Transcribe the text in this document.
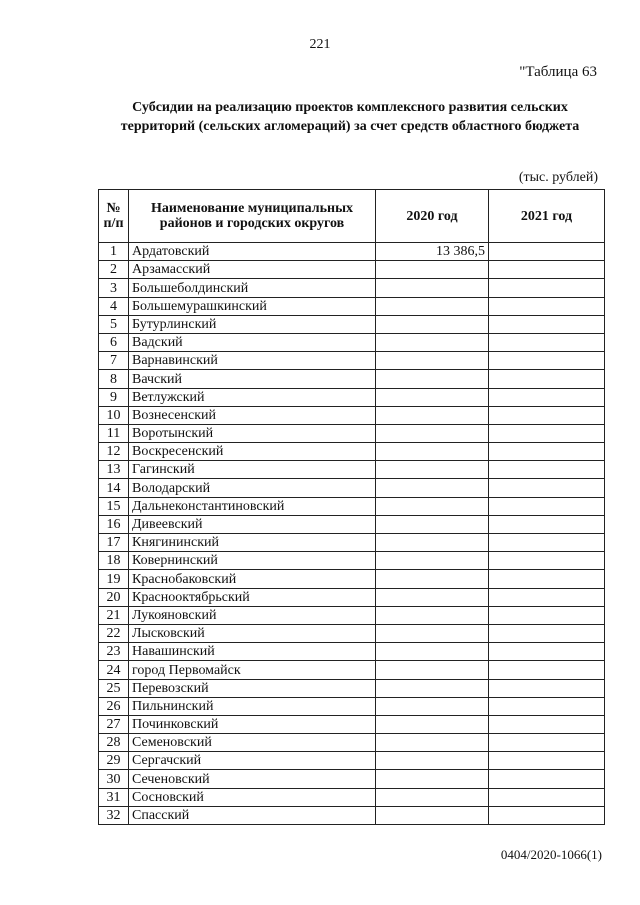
221
"Таблица 63
Субсидии на реализацию проектов комплексного развития сельских территорий (сельских агломераций) за счет средств областного бюджета
(тыс. рублей)
№ п/п	Наименование муниципальных районов и городских округов	2020 год	2021 год
1	Ардатовский	13 386,5	
2	Арзамасский		
3	Большеболдинский		
4	Большемурашкинский		
5	Бутурлинский		
6	Вадский		
7	Варнавинский		
8	Вачский		
9	Ветлужский		
10	Вознесенский		
11	Воротынский		
12	Воскресенский		
13	Гагинский		
14	Володарский		
15	Дальнеконстантиновский		
16	Дивеевский		
17	Княгининский		
18	Ковернинский		
19	Краснобаковский		
20	Краснооктябрьский		
21	Лукояновский		
22	Лысковский		
23	Навашинский		
24	город Первомайск		
25	Перевозский		
26	Пильнинский		
27	Починковский		
28	Семеновский		
29	Сергачский		
30	Сеченовский		
31	Сосновский		
32	Спасский		
0404/2020-1066(1)
